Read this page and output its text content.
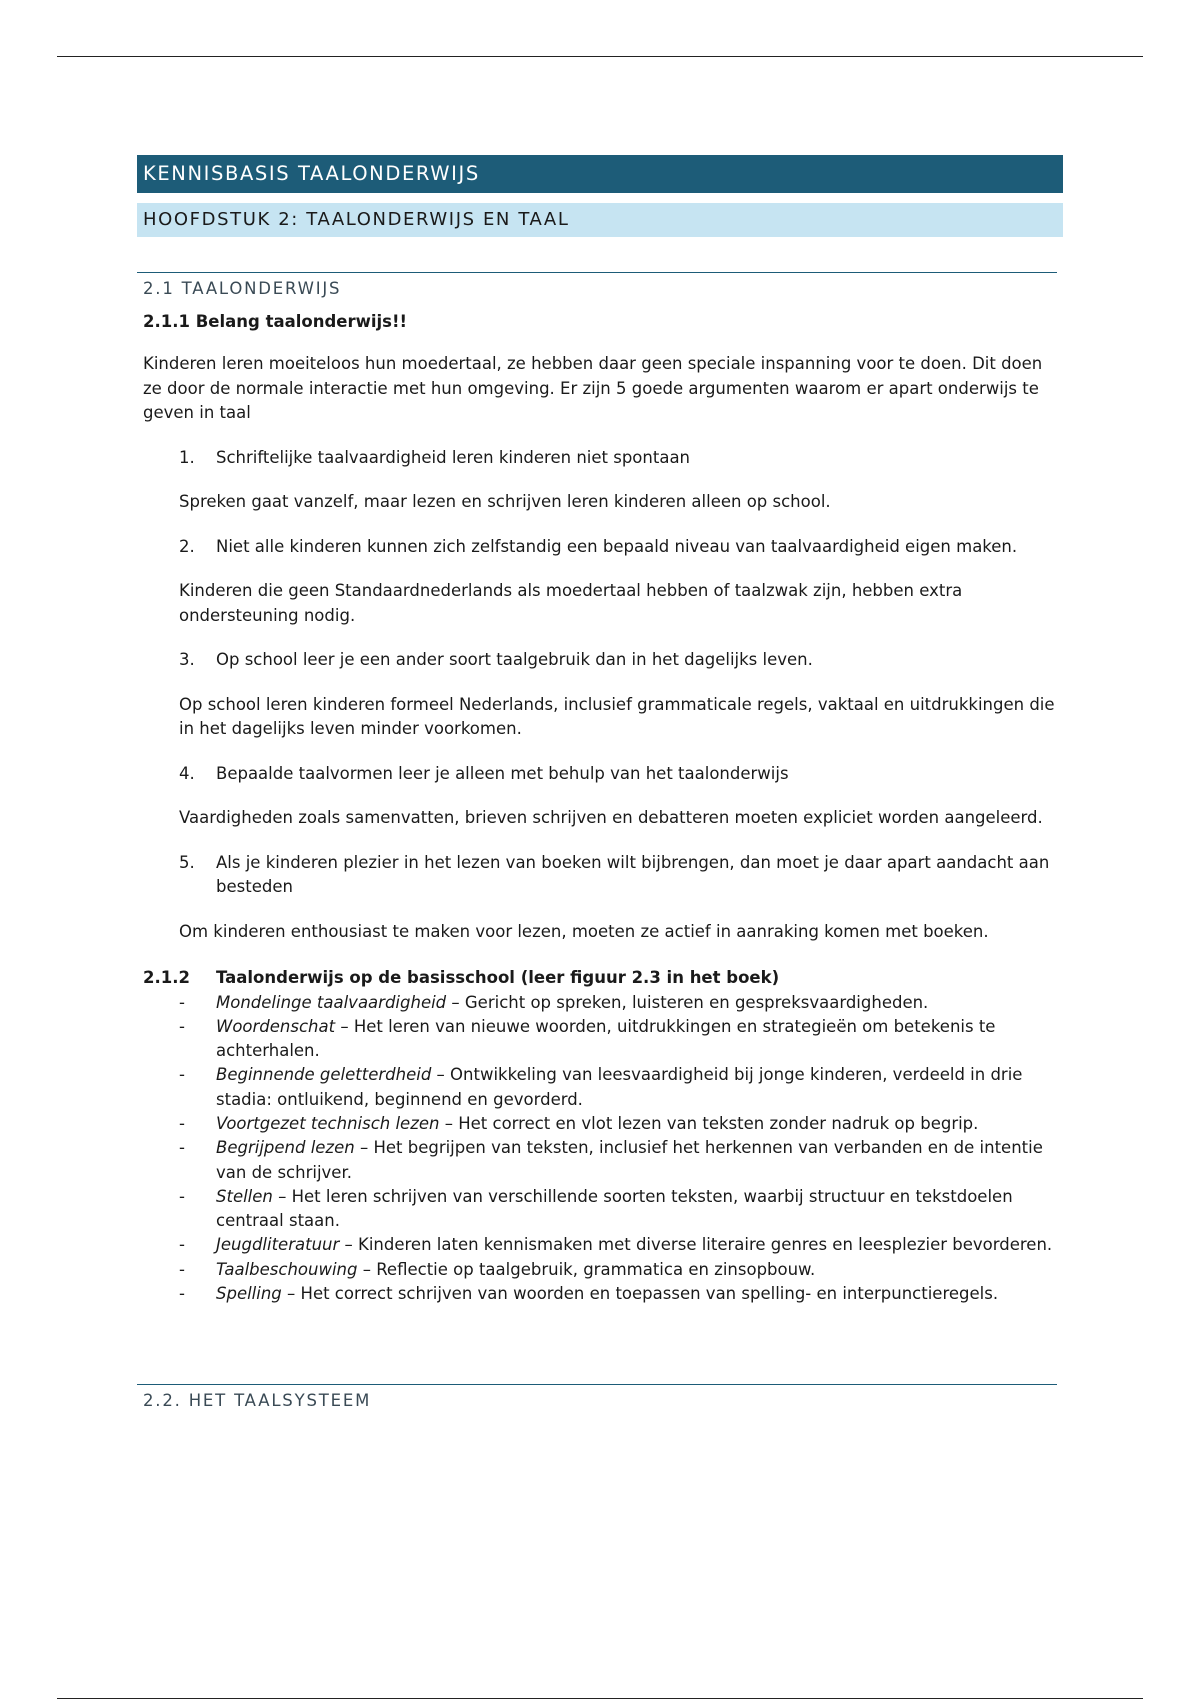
KENNISBASIS TAALONDERWIJS
HOOFDSTUK 2: TAALONDERWIJS EN TAAL
2.1 TAALONDERWIJS
2.1.1 Belang taalonderwijs!!
Kinderen leren moeiteloos hun moedertaal, ze hebben daar geen speciale inspanning voor te doen. Dit doen ze door de normale interactie met hun omgeving. Er zijn 5 goede argumenten waarom er apart onderwijs te geven in taal
1. Schriftelijke taalvaardigheid leren kinderen niet spontaan
Spreken gaat vanzelf, maar lezen en schrijven leren kinderen alleen op school.
2. Niet alle kinderen kunnen zich zelfstandig een bepaald niveau van taalvaardigheid eigen maken.
Kinderen die geen Standaardnederlands als moedertaal hebben of taalzwak zijn, hebben extra ondersteuning nodig.
3. Op school leer je een ander soort taalgebruik dan in het dagelijks leven.
Op school leren kinderen formeel Nederlands, inclusief grammaticale regels, vaktaal en uitdrukkingen die in het dagelijks leven minder voorkomen.
4. Bepaalde taalvormen leer je alleen met behulp van het taalonderwijs
Vaardigheden zoals samenvatten, brieven schrijven en debatteren moeten expliciet worden aangeleerd.
5. Als je kinderen plezier in het lezen van boeken wilt bijbrengen, dan moet je daar apart aandacht aan besteden
Om kinderen enthousiast te maken voor lezen, moeten ze actief in aanraking komen met boeken.
2.1.2 Taalonderwijs op de basisschool (leer figuur 2.3 in het boek)
- Mondelinge taalvaardigheid – Gericht op spreken, luisteren en gespreksvaardigheden.
- Woordenschat – Het leren van nieuwe woorden, uitdrukkingen en strategieën om betekenis te achterhalen.
- Beginnende geletterdheid – Ontwikkeling van leesvaardigheid bij jonge kinderen, verdeeld in drie stadia: ontluikend, beginnend en gevorderd.
- Voortgezet technisch lezen – Het correct en vlot lezen van teksten zonder nadruk op begrip.
- Begrijpend lezen – Het begrijpen van teksten, inclusief het herkennen van verbanden en de intentie van de schrijver.
- Stellen – Het leren schrijven van verschillende soorten teksten, waarbij structuur en tekstdoelen centraal staan.
- Jeugdliteratuur – Kinderen laten kennismaken met diverse literaire genres en leesplezier bevorderen.
- Taalbeschouwing – Reflectie op taalgebruik, grammatica en zinsopbouw.
- Spelling – Het correct schrijven van woorden en toepassen van spelling- en interpunctieregels.
2.2. HET TAALSYSTEEM
